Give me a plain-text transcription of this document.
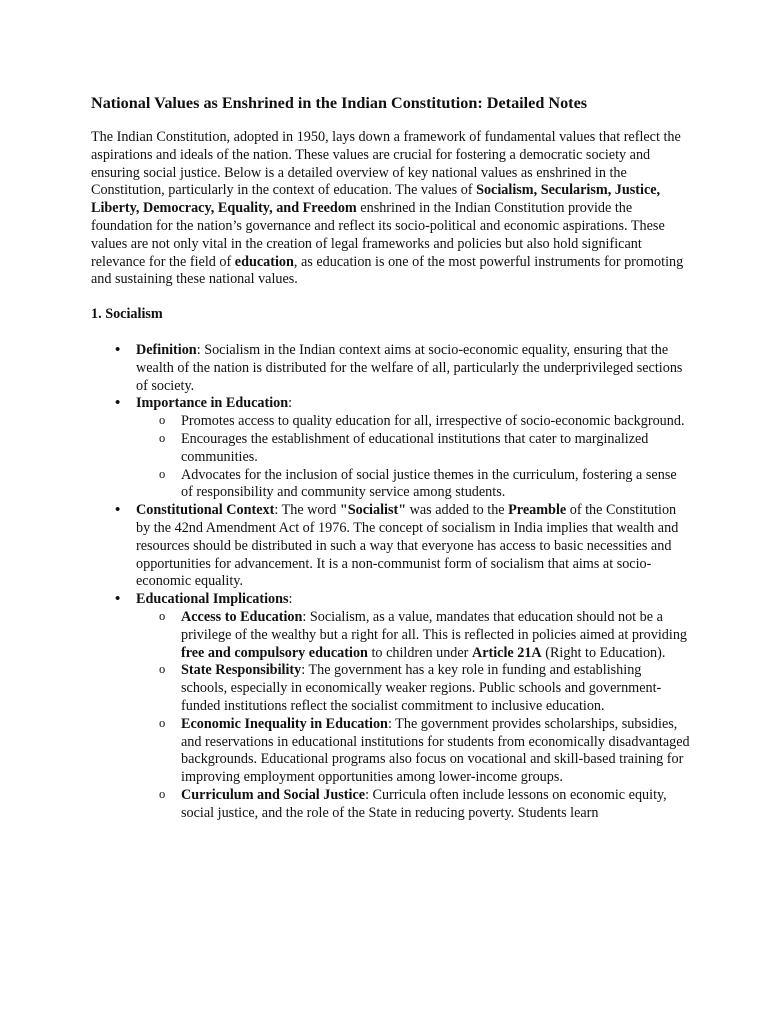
National Values as Enshrined in the Indian Constitution: Detailed Notes

The Indian Constitution, adopted in 1950, lays down a framework of fundamental values that reflect the aspirations and ideals of the nation. These values are crucial for fostering a democratic society and ensuring social justice. Below is a detailed overview of key national values as enshrined in the Constitution, particularly in the context of education. The values of Socialism, Secularism, Justice, Liberty, Democracy, Equality, and Freedom enshrined in the Indian Constitution provide the foundation for the nation’s governance and reflect its socio-political and economic aspirations. These values are not only vital in the creation of legal frameworks and policies but also hold significant relevance for the field of education, as education is one of the most powerful instruments for promoting and sustaining these national values.

1. Socialism
• Definition: Socialism in the Indian context aims at socio-economic equality, ensuring that the wealth of the nation is distributed for the welfare of all, particularly the underprivileged sections of society.
• Importance in Education:
o Promotes access to quality education for all, irrespective of socio-economic background.
o Encourages the establishment of educational institutions that cater to marginalized communities.
o Advocates for the inclusion of social justice themes in the curriculum, fostering a sense of responsibility and community service among students.
• Constitutional Context: The word "Socialist" was added to the Preamble of the Constitution by the 42nd Amendment Act of 1976. The concept of socialism in India implies that wealth and resources should be distributed in such a way that everyone has access to basic necessities and opportunities for advancement. It is a non-communist form of socialism that aims at socio-economic equality.
• Educational Implications:
o Access to Education: Socialism, as a value, mandates that education should not be a privilege of the wealthy but a right for all. This is reflected in policies aimed at providing free and compulsory education to children under Article 21A (Right to Education).
o State Responsibility: The government has a key role in funding and establishing schools, especially in economically weaker regions. Public schools and government-funded institutions reflect the socialist commitment to inclusive education.
o Economic Inequality in Education: The government provides scholarships, subsidies, and reservations in educational institutions for students from economically disadvantaged backgrounds. Educational programs also focus on vocational and skill-based training for improving employment opportunities among lower-income groups.
o Curriculum and Social Justice: Curricula often include lessons on economic equity, social justice, and the role of the State in reducing poverty. Students learn
